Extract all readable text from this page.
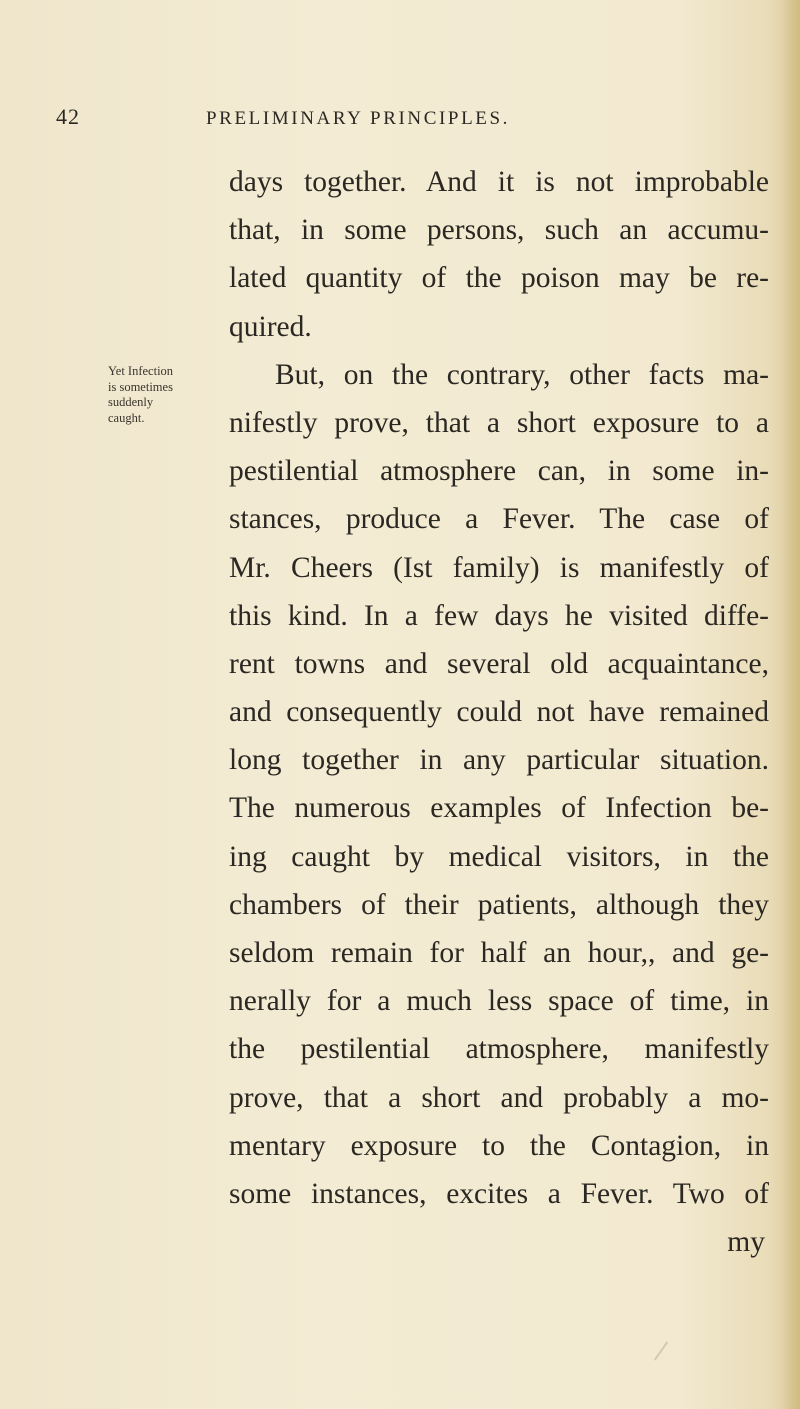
42	PRELIMINARY PRINCIPLES.
Yet Infection
is sometimes
suddenly
caught.
days together. And it is not improbable
that, in some persons, such an accumu-
lated quantity of the poison may be re-
quired.
But, on the contrary, other facts ma-
nifestly prove, that a short exposure to a
pestilential atmosphere can, in some in-
stances, produce a Fever. The case of
Mr. Cheers (Ist family) is manifestly of
this kind. In a few days he visited diffe-
rent towns and several old acquaintance,
and consequently could not have remained
long together in any particular situation.
The numerous examples of Infection be-
ing caught by medical visitors, in the
chambers of their patients, although they
seldom remain for half an hour,, and ge-
nerally for a much less space of time, in
the pestilential atmosphere, manifestly
prove, that a short and probably a mo-
mentary exposure to the Contagion, in
some instances, excites a Fever. Two of
my
